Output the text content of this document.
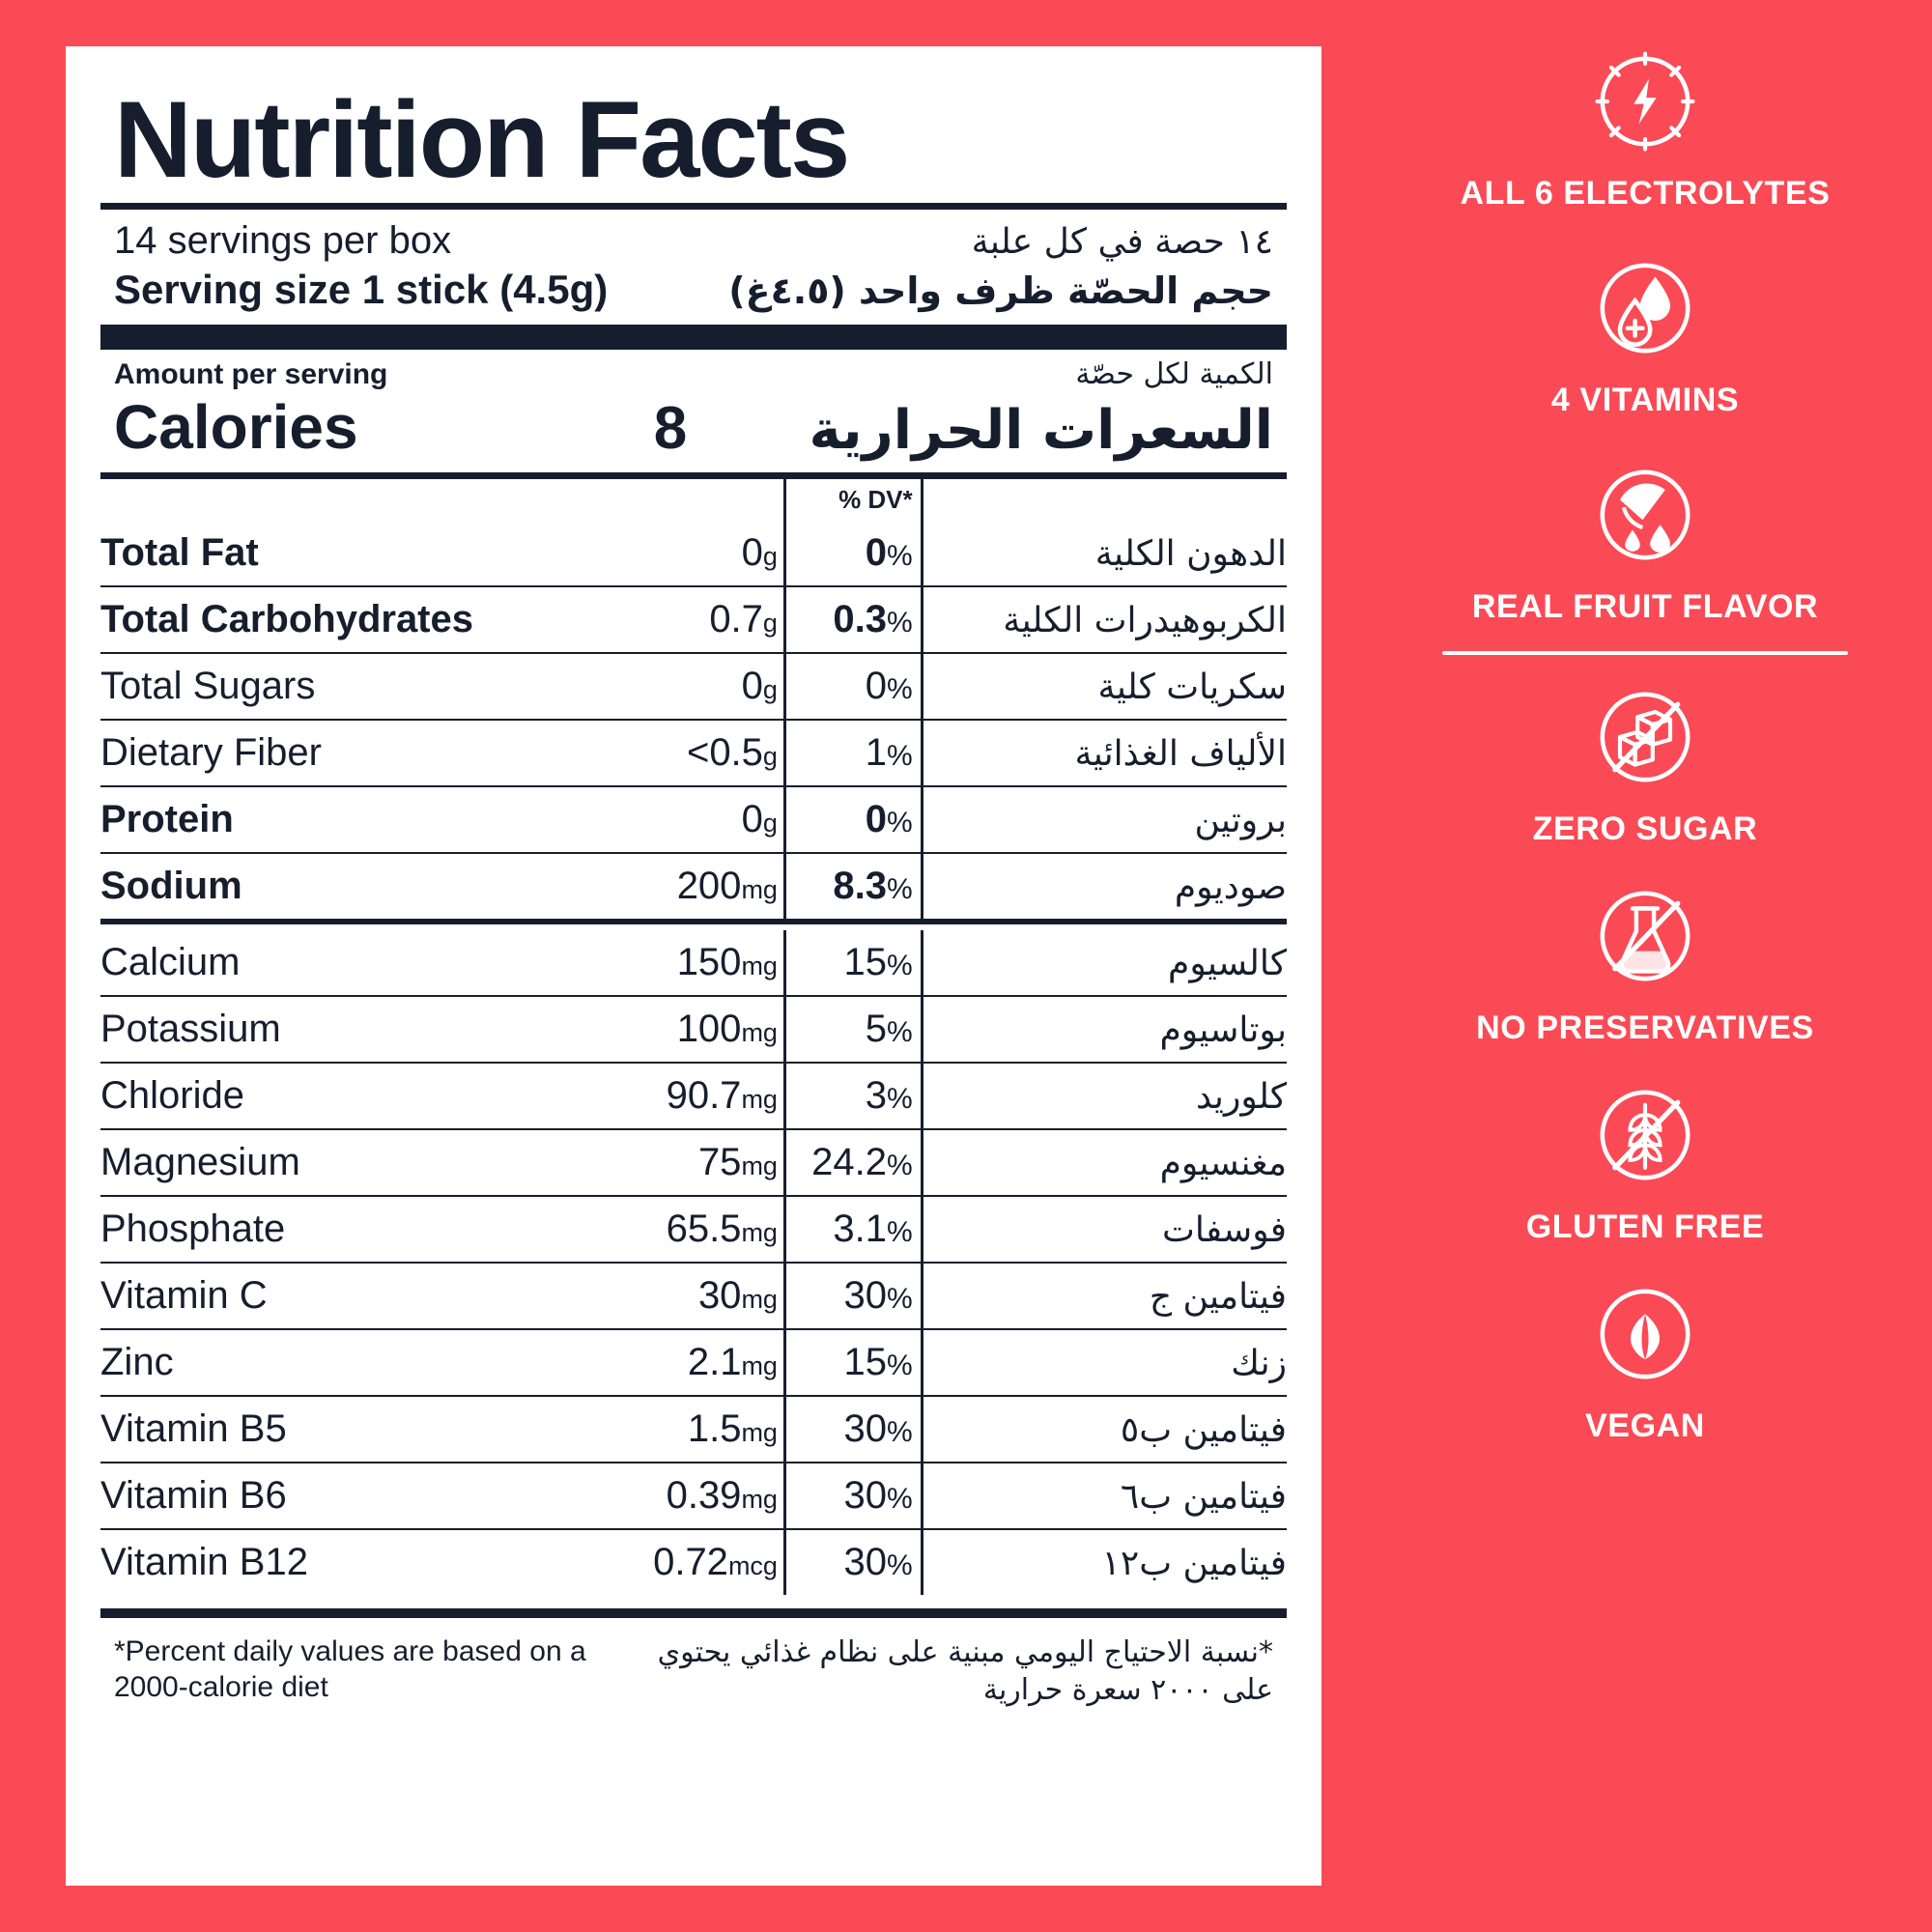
Nutrition Facts
14 servings per box	١٤ حصة في كل علبة
Serving size 1 stick (4.5g)	حجم الحصّة ظرف واحد (٤.٥غ)
Amount per serving	الكمية لكل حصّة
Calories	8 السعرات الحرارية
		% DV*	
Total Fat	0g	0%	الدهون الكلية
Total Carbohydrates	0.7g	0.3%	الكربوهيدرات الكلية
Total Sugars	0g	0%	سكريات كلية
Dietary Fiber	<0.5g	1%	الألياف الغذائية
Protein	0g	0%	بروتين
Sodium	200mg	8.3%	صوديوم
Calcium	150mg	15%	كالسيوم
Potassium	100mg	5%	بوتاسيوم
Chloride	90.7mg	3%	كلوريد
Magnesium	75mg	24.2%	مغنسيوم
Phosphate	65.5mg	3.1%	فوسفات
Vitamin C	30mg	30%	فيتامين ج
Zinc	2.1mg	15%	زنك
Vitamin B5	1.5mg	30%	فيتامين ب٥
Vitamin B6	0.39mg	30%	فيتامين ب٦
Vitamin B12	0.72mcg	30%	فيتامين ب١٢
*Percent daily values are based on a 2000-calorie diet
*نسبة الاحتياج اليومي مبنية على نظام غذائي يحتوي على ٢٠٠٠ سعرة حرارية
ALL 6 ELECTROLYTES
4 VITAMINS
REAL FRUIT FLAVOR
ZERO SUGAR
NO PRESERVATIVES
GLUTEN FREE
VEGAN
